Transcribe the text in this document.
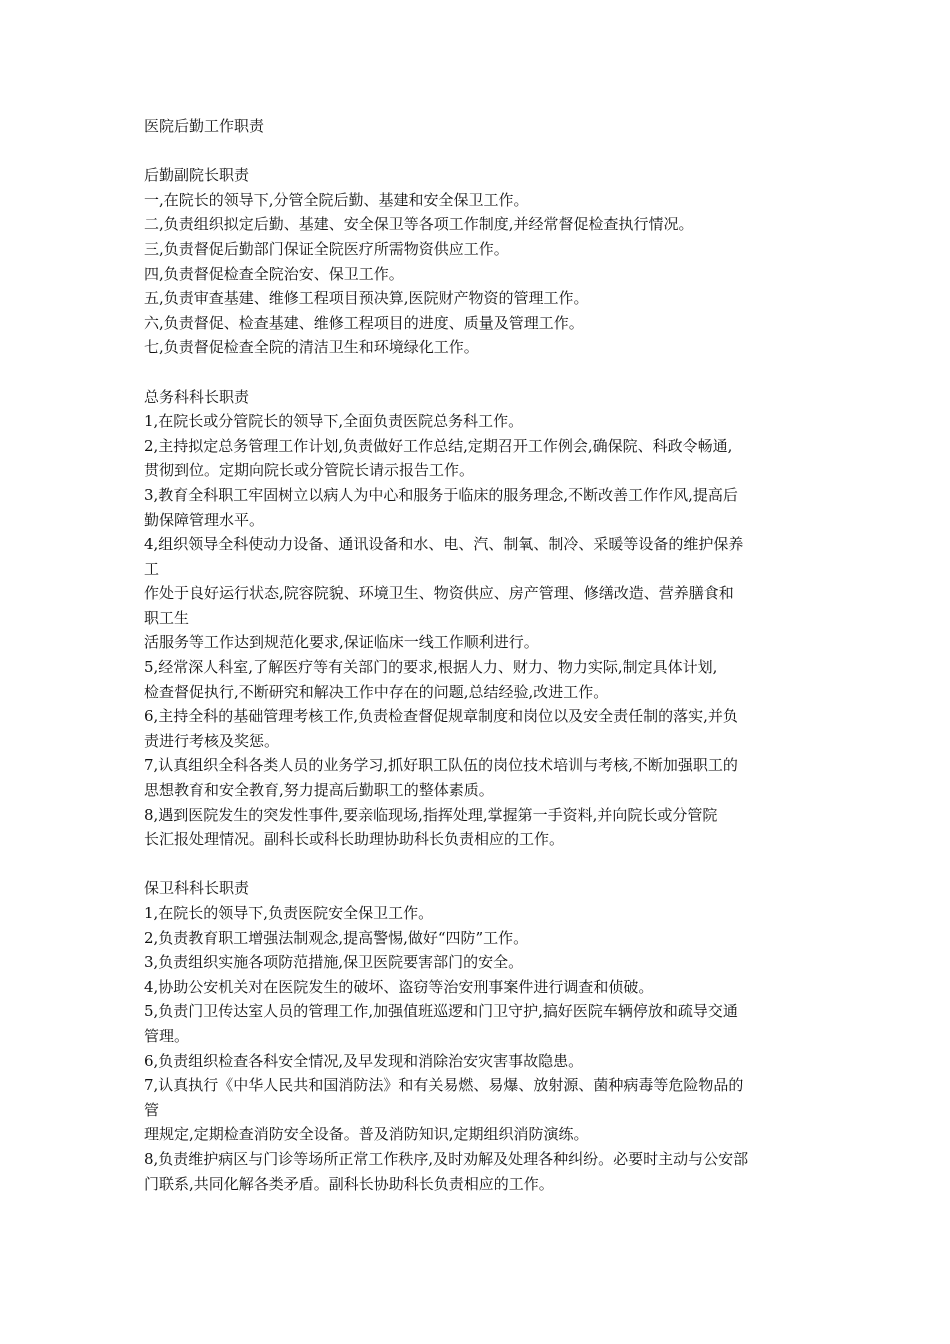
医院后勤工作职责
后勤副院长职责

一,在院长的领导下,分管全院后勤、基建和安全保卫工作。

二,负责组织拟定后勤、基建、安全保卫等各项工作制度,并经常督促检查执行情况。

三,负责督促后勤部门保证全院医疗所需物资供应工作。

四,负责督促检查全院治安、保卫工作。

五,负责审查基建、维修工程项目预决算,医院财产物资的管理工作。

六,负责督促、检查基建、维修工程项目的进度、质量及管理工作。

七,负责督促检查全院的清洁卫生和环境绿化工作。

总务科科长职责

1,在院长或分管院长的领导下,全面负责医院总务科工作。

2,主持拟定总务管理工作计划,负责做好工作总结,定期召开工作例会,确保院、科政令畅通,

贯彻到位。定期向院长或分管院长请示报告工作。

3,教育全科职工牢固树立以病人为中心和服务于临床的服务理念,不断改善工作作风,提高后

勤保障管理水平。

4,组织领导全科使动力设备、通讯设备和水、电、汽、制氧、制冷、采暖等设备的维护保养

工

作处于良好运行状态,院容院貌、环境卫生、物资供应、房产管理、修缮改造、营养膳食和

职工生

活服务等工作达到规范化要求,保证临床一线工作顺利进行。

5,经常深人科室,了解医疗等有关部门的要求,根据人力、财力、物力实际,制定具体计划,

检查督促执行,不断研究和解决工作中存在的问题,总结经验,改进工作。

6,主持全科的基础管理考核工作,负责检查督促规章制度和岗位以及安全责任制的落实,并负

责进行考核及奖惩。

7,认真组织全科各类人员的业务学习,抓好职工队伍的岗位技术培训与考核,不断加强职工的

思想教育和安全教育,努力提高后勤职工的整体素质。

8,遇到医院发生的突发性事件,要亲临现场,指挥处理,掌握第一手资料,并向院长或分管院

长汇报处理情况。副科长或科长助理协助科长负责相应的工作。

保卫科科长职责

1,在院长的领导下,负责医院安全保卫工作。

2,负责教育职工增强法制观念,提高警惕,做好“四防”工作。

3,负责组织实施各项防范措施,保卫医院要害部门的安全。

4,协助公安机关对在医院发生的破坏、盗窃等治安刑事案件进行调查和侦破。

5,负责门卫传达室人员的管理工作,加强值班巡逻和门卫守护,搞好医院车辆停放和疏导交通

管理。

6,负责组织检查各科安全情况,及早发现和消除治安灾害事故隐患。

7,认真执行《中华人民共和国消防法》和有关易燃、易爆、放射源、菌种病毒等危险物品的

管

理规定,定期检查消防安全设备。普及消防知识,定期组织消防演练。

8,负责维护病区与门诊等场所正常工作秩序,及时劝解及处理各种纠纷。必要时主动与公安部

门联系,共同化解各类矛盾。副科长协助科长负责相应的工作。
